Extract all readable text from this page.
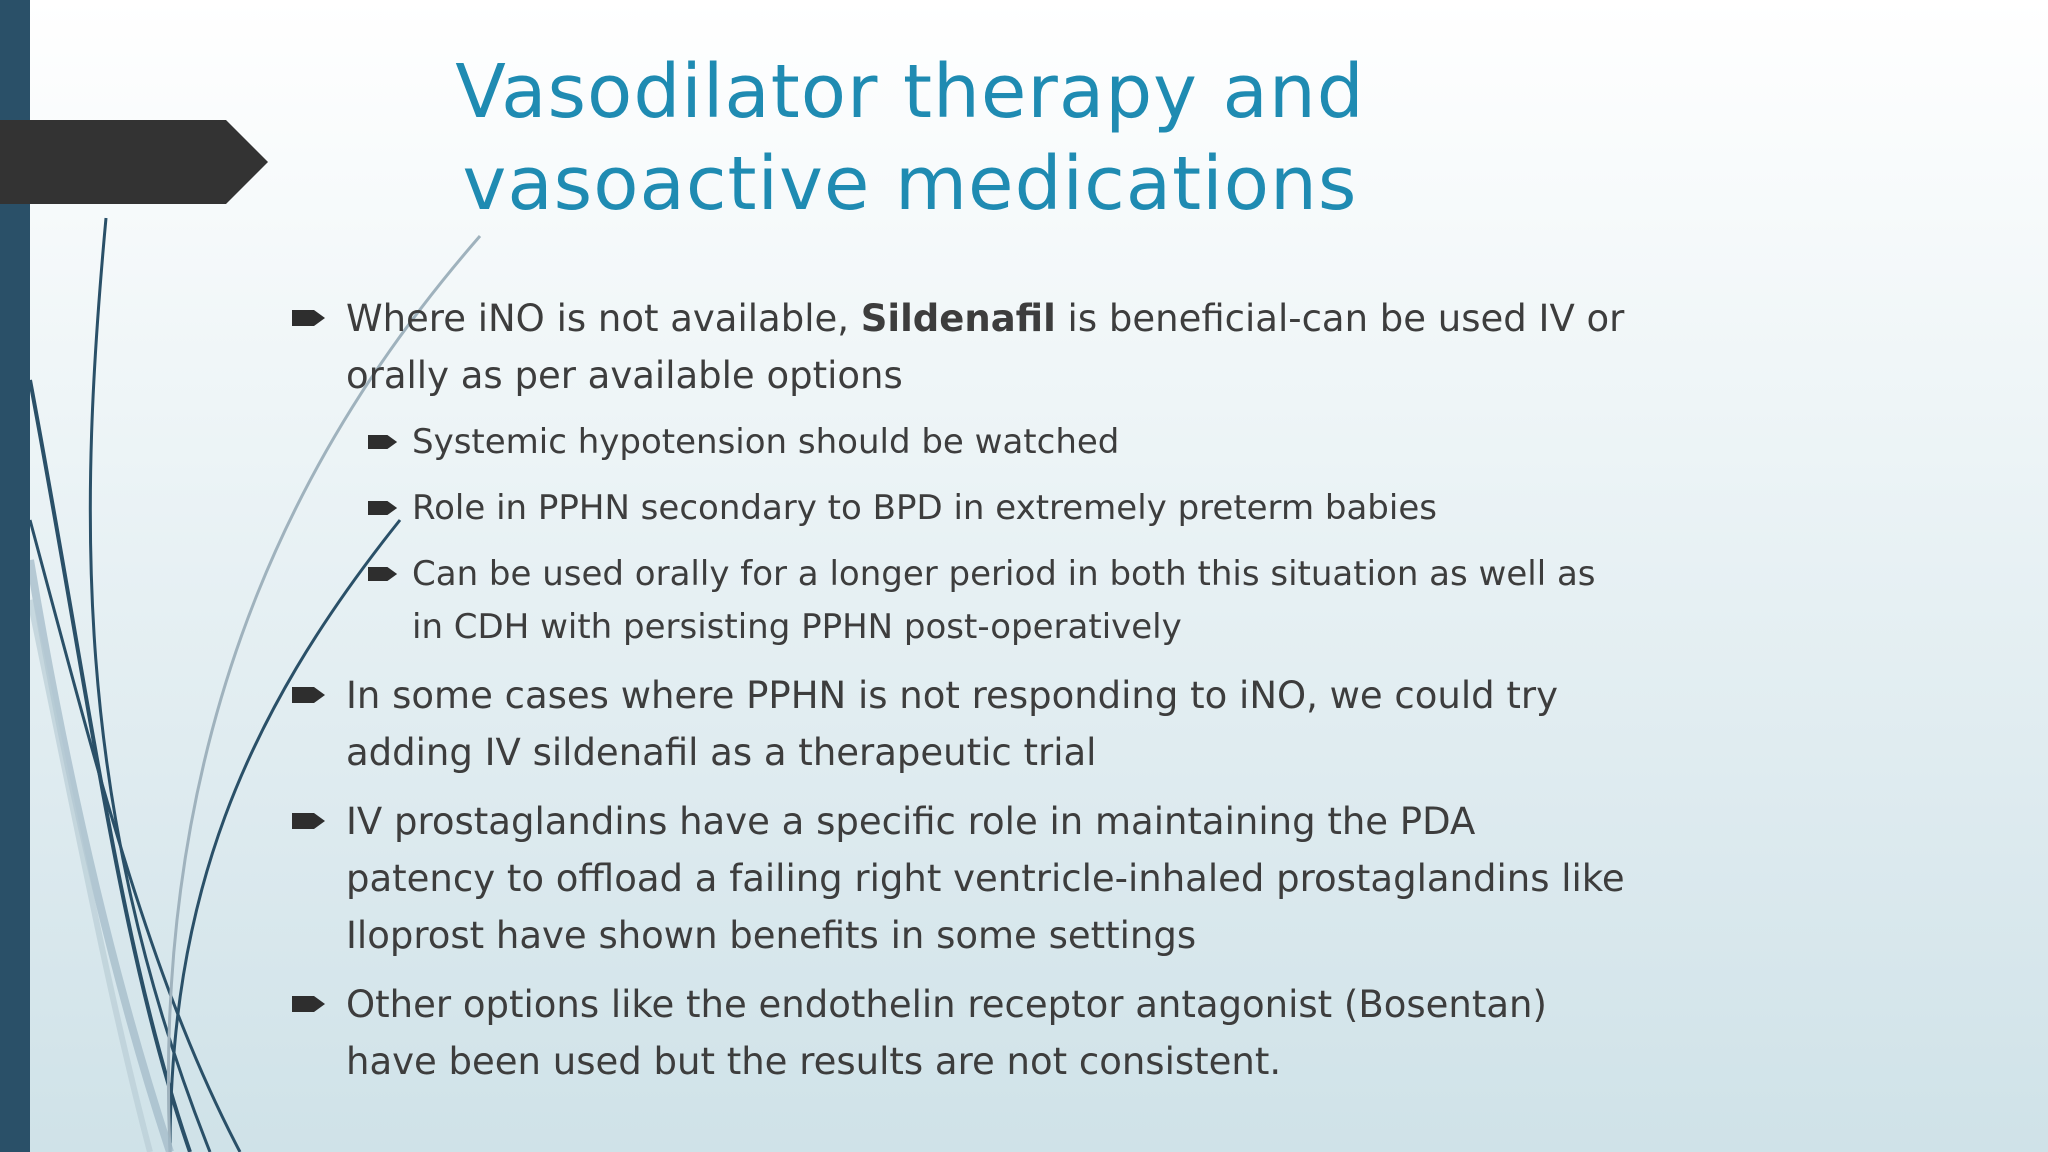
Vasodilator therapy and
vasoactive medications
Where iNO is not available, Sildenafil is beneficial-can be used IV or orally as per available options
Systemic hypotension should be watched
Role in PPHN secondary to BPD in extremely preterm babies
Can be used orally for a longer period in both this situation as well as in CDH with persisting PPHN post-operatively
In some cases where PPHN is not responding to iNO, we could try adding IV sildenafil as a therapeutic trial
IV prostaglandins have a specific role in maintaining the PDA patency to offload a failing right ventricle-inhaled prostaglandins like Iloprost have shown benefits in some settings
Other options like the endothelin receptor antagonist (Bosentan) have been used but the results are not consistent.
